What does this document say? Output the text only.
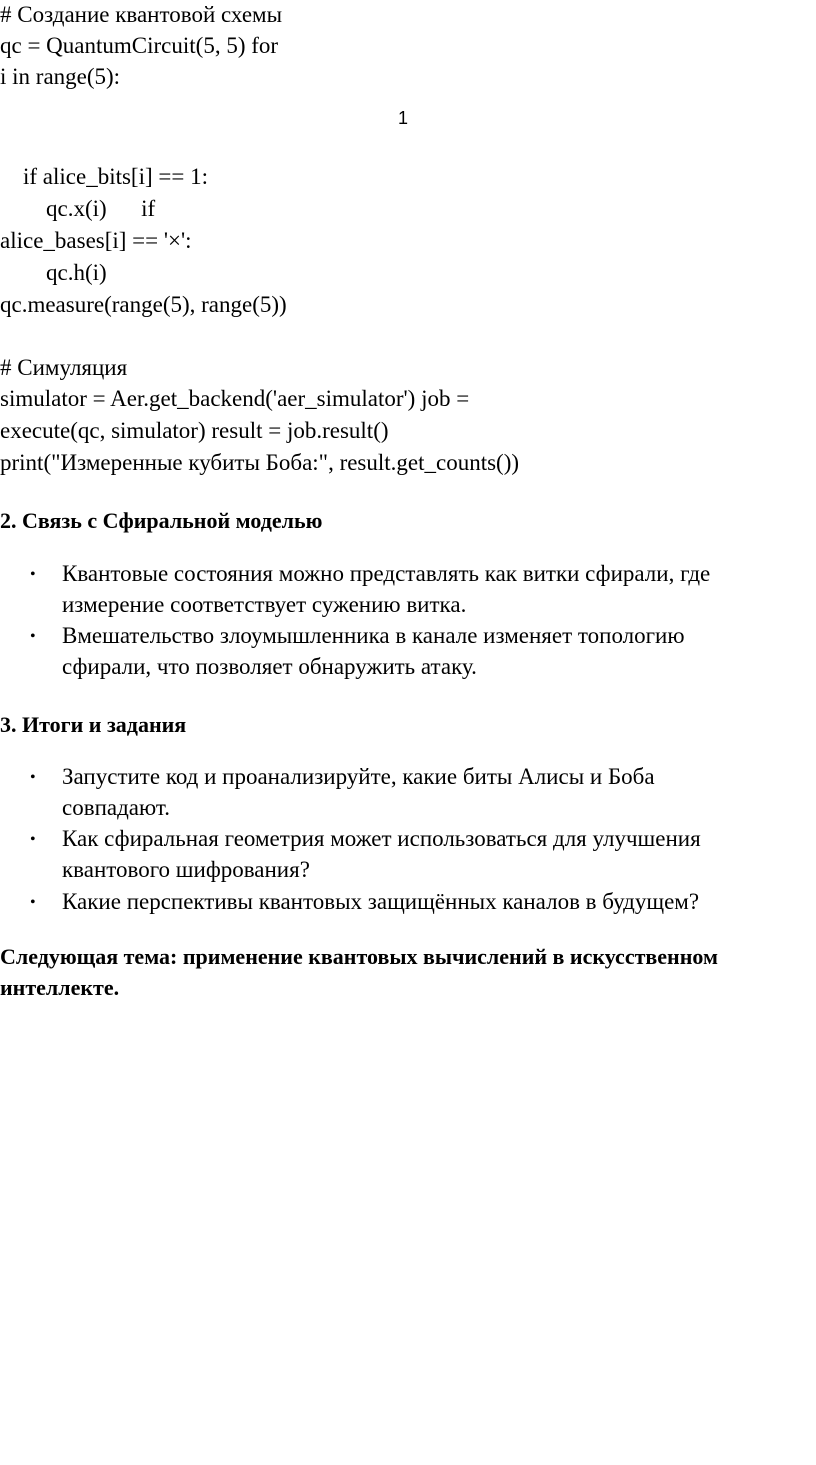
# Создание квантовой схемы

qc = QuantumCircuit(5, 5) for

i in range(5):

1

if alice_bits[i] == 1:

qc.x(i)      if

alice_bases[i] == '×':

qc.h(i)

qc.measure(range(5), range(5))

# Симуляция

simulator = Aer.get_backend('aer_simulator') job =

execute(qc, simulator) result = job.result()

print("Измеренные кубиты Боба:", result.get_counts())

2. Связь с Сфиральной моделью
• Квантовые состояния можно представлять как витки сфирали, где
измерение соответствует сужению витка.
• Вмешательство злоумышленника в канале изменяет топологию
сфирали, что позволяет обнаружить атаку.
3. Итоги и задания
• Запустите код и проанализируйте, какие биты Алисы и Боба
совпадают.
• Как сфиральная геометрия может использоваться для улучшения
квантового шифрования?
• Какие перспективы квантовых защищённых каналов в будущем?

Следующая тема: применение квантовых вычислений в искусственном

интеллекте.
